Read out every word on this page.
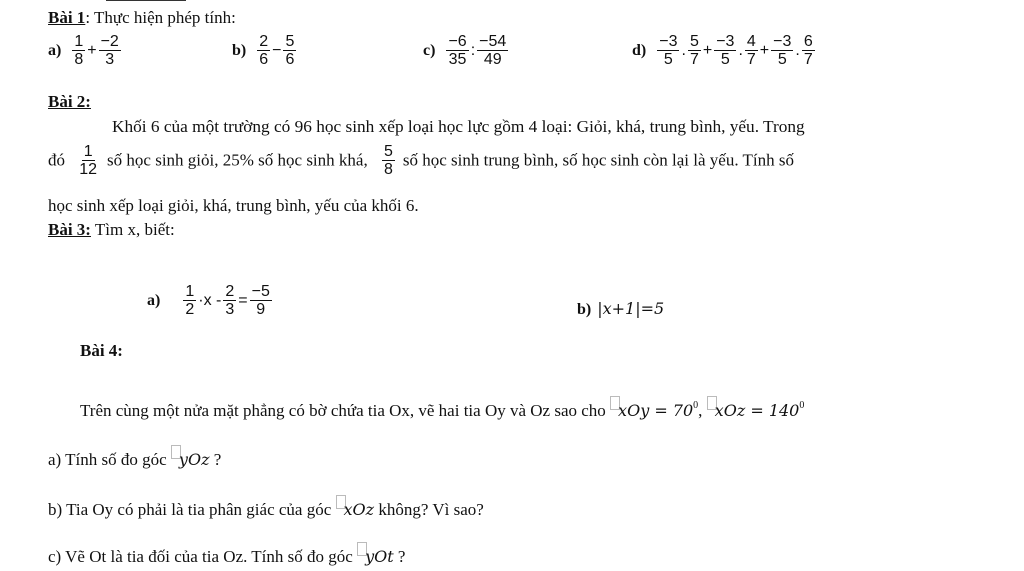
Bài 1: Thực hiện phép tính:
$a) \frac{1}{8} + \frac{-2}{3}$	$b) \frac{2}{6} - \frac{5}{6}$	$c) \frac{-6}{35}$ : $\frac{-54}{49}$	$d) \frac{-3}{5}$ . $\frac{5}{7} + \frac{-3}{5}$ . $\frac{4}{7} + \frac{-3}{5}$ . $\frac{6}{7}$
Bài 2:
Khối 6 của một trường có 96 học sinh xếp loại học lực gồm 4 loại: Giỏi, khá, trung bình, yếu. Trong
đó $\frac{1}{12}$ số học sinh giỏi, 25% số học sinh khá, $\frac{5}{8}$ số học sinh trung bình, số học sinh còn lại là yếu. Tính số
học sinh xếp loại giỏi, khá, trung bình, yếu của khối 6.
Bài 3: Tìm x, biết:
$a) \frac{1}{2} \cdot x - \frac{2}{3} = \frac{-5}{9}$	b) |x+1|=5
Bài 4:
Trên cùng một nửa mặt phẳng có bờ chứa tia Ox, vẽ hai tia Oy và Oz sao cho xOy = $70^0$, xOz = $140^0$
a) Tính số đo góc yOz ?
b) Tia Oy có phải là tia phân giác của góc xOz không? Vì sao?
c) Vẽ Ot là tia đối của tia Oz. Tính số đo góc yOt ?
